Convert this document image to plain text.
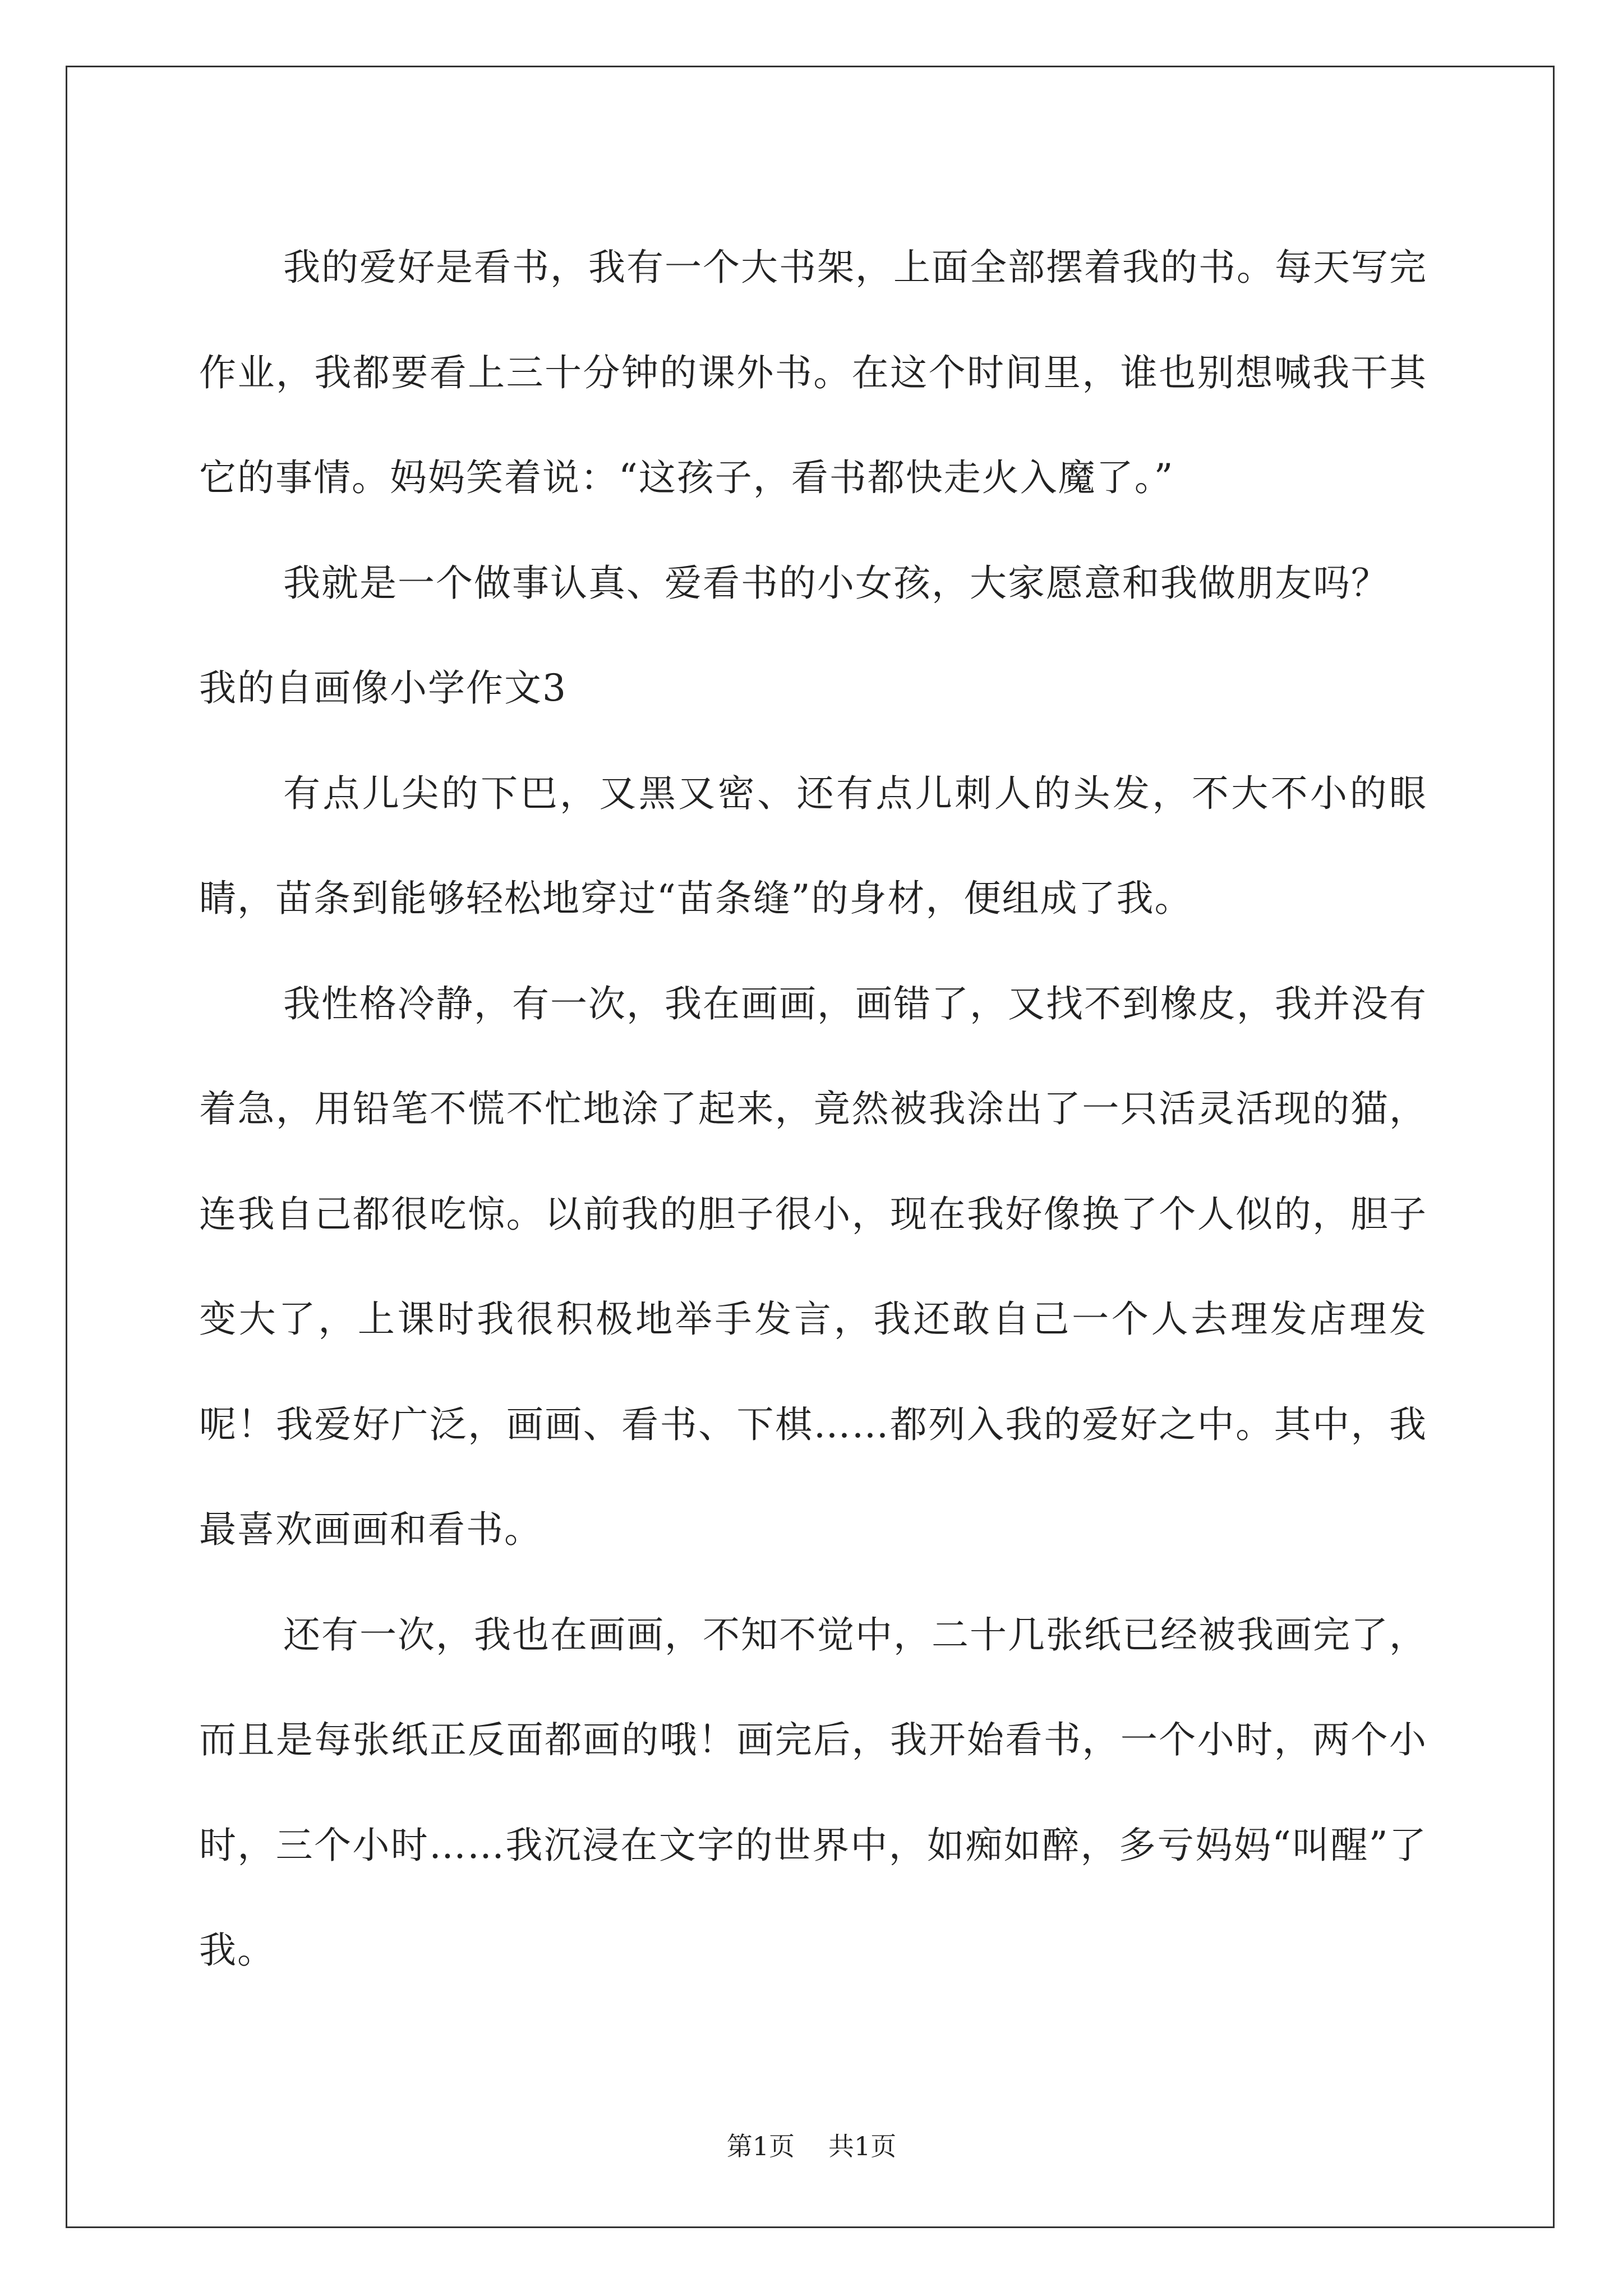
我的爱好是看书，我有一个大书架，上面全部摆着我的书。每天写完作业，我都要看上三十分钟的课外书。在这个时间里，谁也别想喊我干其它的事情。妈妈笑着说：“这孩子，看书都快走火入魔了。”

我就是一个做事认真、爱看书的小女孩，大家愿意和我做朋友吗？

我的自画像小学作文3

有点儿尖的下巴，又黑又密、还有点儿刺人的头发，不大不小的眼睛，苗条到能够轻松地穿过“苗条缝”的身材，便组成了我。

我性格冷静，有一次，我在画画，画错了，又找不到橡皮，我并没有着急，用铅笔不慌不忙地涂了起来，竟然被我涂出了一只活灵活现的猫，连我自己都很吃惊。以前我的胆子很小，现在我好像换了个人似的，胆子变大了，上课时我很积极地举手发言，我还敢自己一个人去理发店理发呢！我爱好广泛，画画、看书、下棋……都列入我的爱好之中。其中，我最喜欢画画和看书。

还有一次，我也在画画，不知不觉中，二十几张纸已经被我画完了，而且是每张纸正反面都画的哦！画完后，我开始看书，一个小时，两个小时，三个小时……我沉浸在文字的世界中，如痴如醉，多亏妈妈“叫醒”了我。

第1页 共1页
